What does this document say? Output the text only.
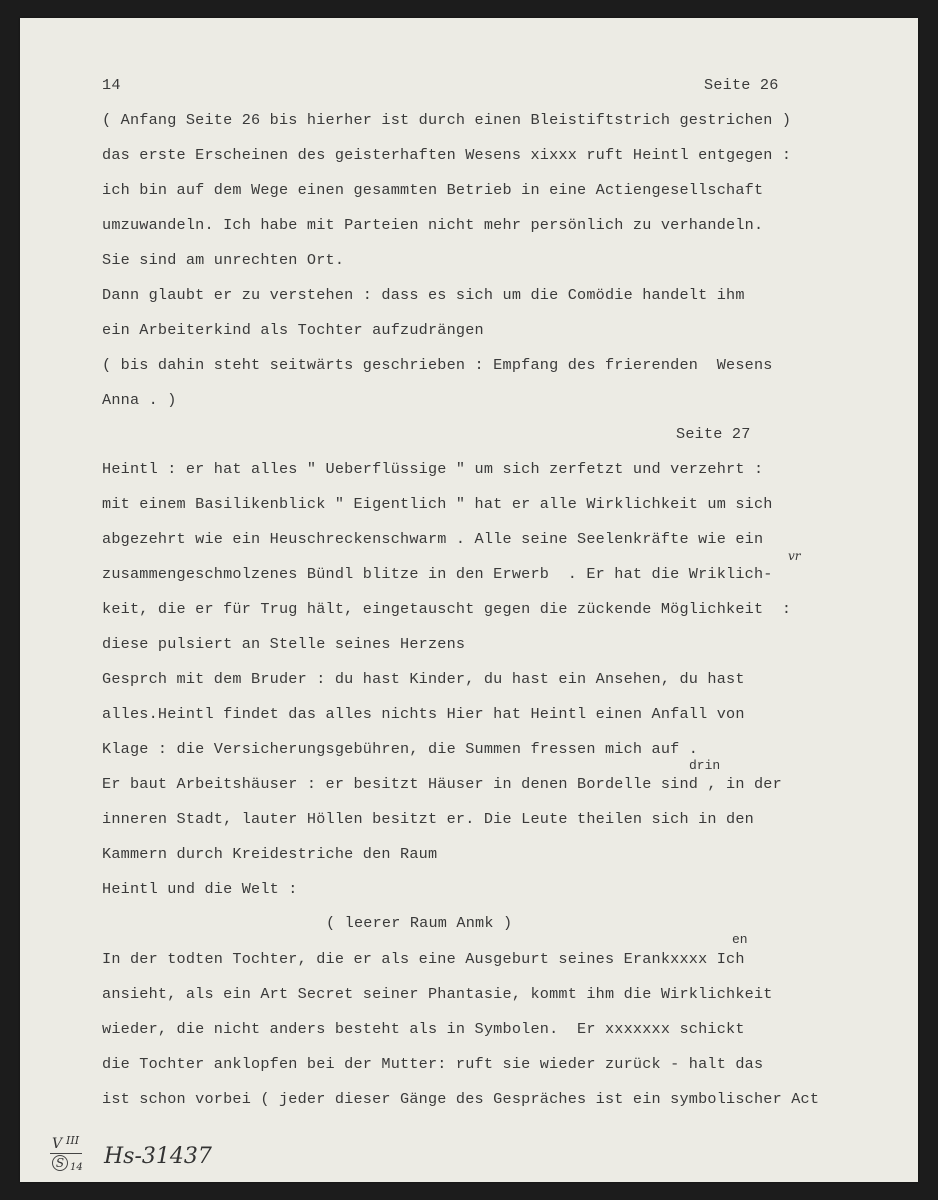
14	Seite 26
( Anfang Seite 26 bis hierher ist durch einen Bleistiftstrich gestrichen )
das erste Erscheinen des geisterhaften Wesens xixxx ruft Heintl entgegen :
ich bin auf dem Wege einen gesammten Betrieb in eine Actiengesellschaft
umzuwandeln. Ich habe mit Parteien nicht mehr persönlich zu verhandeln.
Sie sind am unrechten Ort.
Dann glaubt er zu verstehen : dass es sich um die Comödie handelt ihm
ein Arbeiterkind als Tochter aufzudrängen
( bis dahin steht seitwärts geschrieben : Empfang des frierenden  Wesens
Anna . )
Seite 27
Heintl : er hat alles " Ueberflüssige " um sich zerfetzt und verzehrt :
mit einem Basilikenblick " Eigentlich " hat er alle Wirklichkeit um sich
abgezehrt wie ein Heuschreckenschwarm . Alle seine Seelenkräfte wie ein
vr
zusammengeschmolzenes Bündl blitze in den Erwerb  . Er hat die Wriklich-
keit, die er für Trug hält, eingetauscht gegen die zückende Möglichkeit  :
diese pulsiert an Stelle seines Herzens
Gesprch mit dem Bruder : du hast Kinder, du hast ein Ansehen, du hast
alles.Heintl findet das alles nichts Hier hat Heintl einen Anfall von
Klage : die Versicherungsgebühren, die Summen fressen mich auf .
drin
Er baut Arbeitshäuser : er besitzt Häuser in denen Bordelle sind , in der
inneren Stadt, lauter Höllen besitzt er. Die Leute theilen sich in den
Kammern durch Kreidestriche den Raum
Heintl und die Welt :
( leerer Raum Anmk )
en
In der todten Tochter, die er als eine Ausgeburt seines Erankxxxx Ich
ansieht, als ein Art Secret seiner Phantasie, kommt ihm die Wirklichkeit
wieder, die nicht anders besteht als in Symbolen.  Er xxxxxxx schickt
die Tochter anklopfen bei der Mutter: ruft sie wieder zurück - halt das
ist schon vorbei ( jeder dieser Gänge des Gespräches ist ein symbolischer Act
V III
S 14 Hs-31437
